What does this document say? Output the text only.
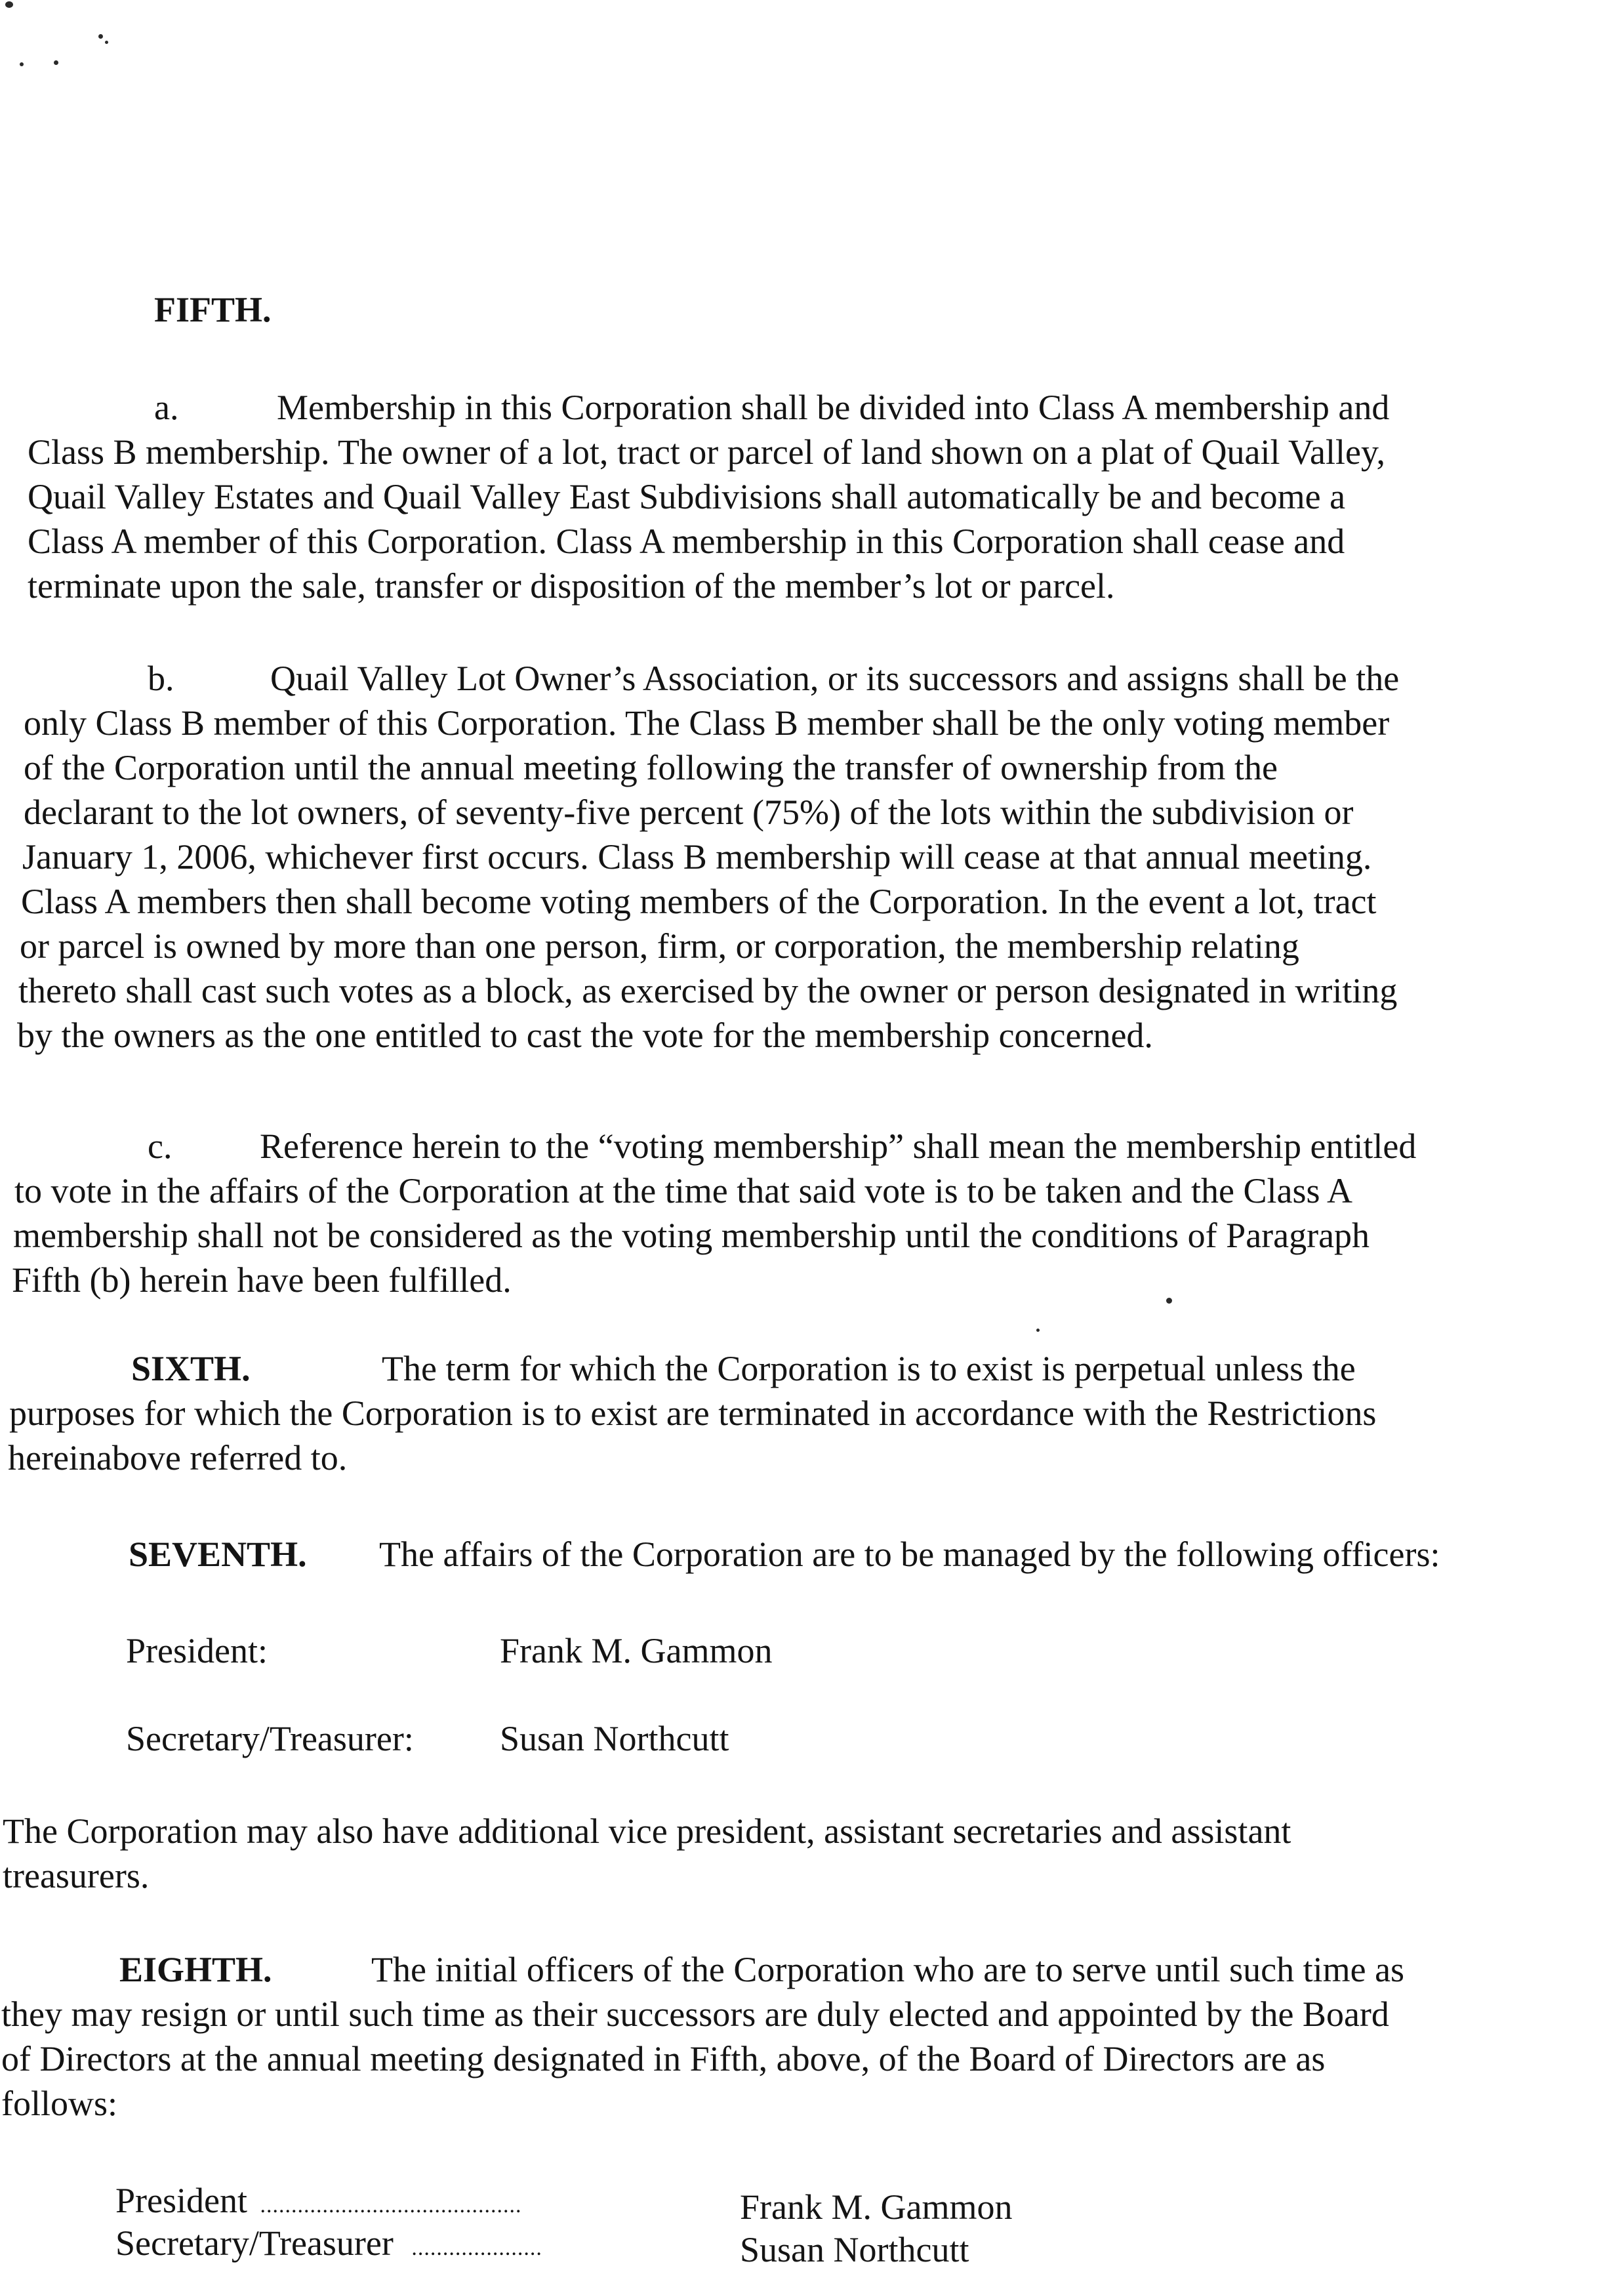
FIFTH.
a.	Membership in this Corporation shall be divided into Class A membership and
Class B membership. The owner of a lot, tract or parcel of land shown on a plat of Quail Valley,
Quail Valley Estates and Quail Valley East Subdivisions shall automatically be and become a
Class A member of this Corporation. Class A membership in this Corporation shall cease and
terminate upon the sale, transfer or disposition of the member’s lot or parcel.
b.	Quail Valley Lot Owner’s Association, or its successors and assigns shall be the
only Class B member of this Corporation. The Class B member shall be the only voting member
of the Corporation until the annual meeting following the transfer of ownership from the
declarant to the lot owners, of seventy-five percent (75%) of the lots within the subdivision or
January 1, 2006, whichever first occurs. Class B membership will cease at that annual meeting.
Class A members then shall become voting members of the Corporation. In the event a lot, tract
or parcel is owned by more than one person, firm, or corporation, the membership relating
thereto shall cast such votes as a block, as exercised by the owner or person designated in writing
by the owners as the one entitled to cast the vote for the membership concerned.
c.	Reference herein to the “voting membership” shall mean the membership entitled
to vote in the affairs of the Corporation at the time that said vote is to be taken and the Class A
membership shall not be considered as the voting membership until the conditions of Paragraph
Fifth (b) herein have been fulfilled.
SIXTH.	The term for which the Corporation is to exist is perpetual unless the
purposes for which the Corporation is to exist are terminated in accordance with the Restrictions
hereinabove referred to.
SEVENTH. The affairs of the Corporation are to be managed by the following officers:
President:	Frank M. Gammon
Secretary/Treasurer: Susan Northcutt
The Corporation may also have additional vice president, assistant secretaries and assistant
treasurers.
EIGHTH.	The initial officers of the Corporation who are to serve until such time as
they may resign or until such time as their successors are duly elected and appointed by the Board
of Directors at the annual meeting designated in Fifth, above, of the Board of Directors are as
follows:
President ..........................................	Frank M. Gammon
Secretary/Treasurer .....................	Susan Northcutt
